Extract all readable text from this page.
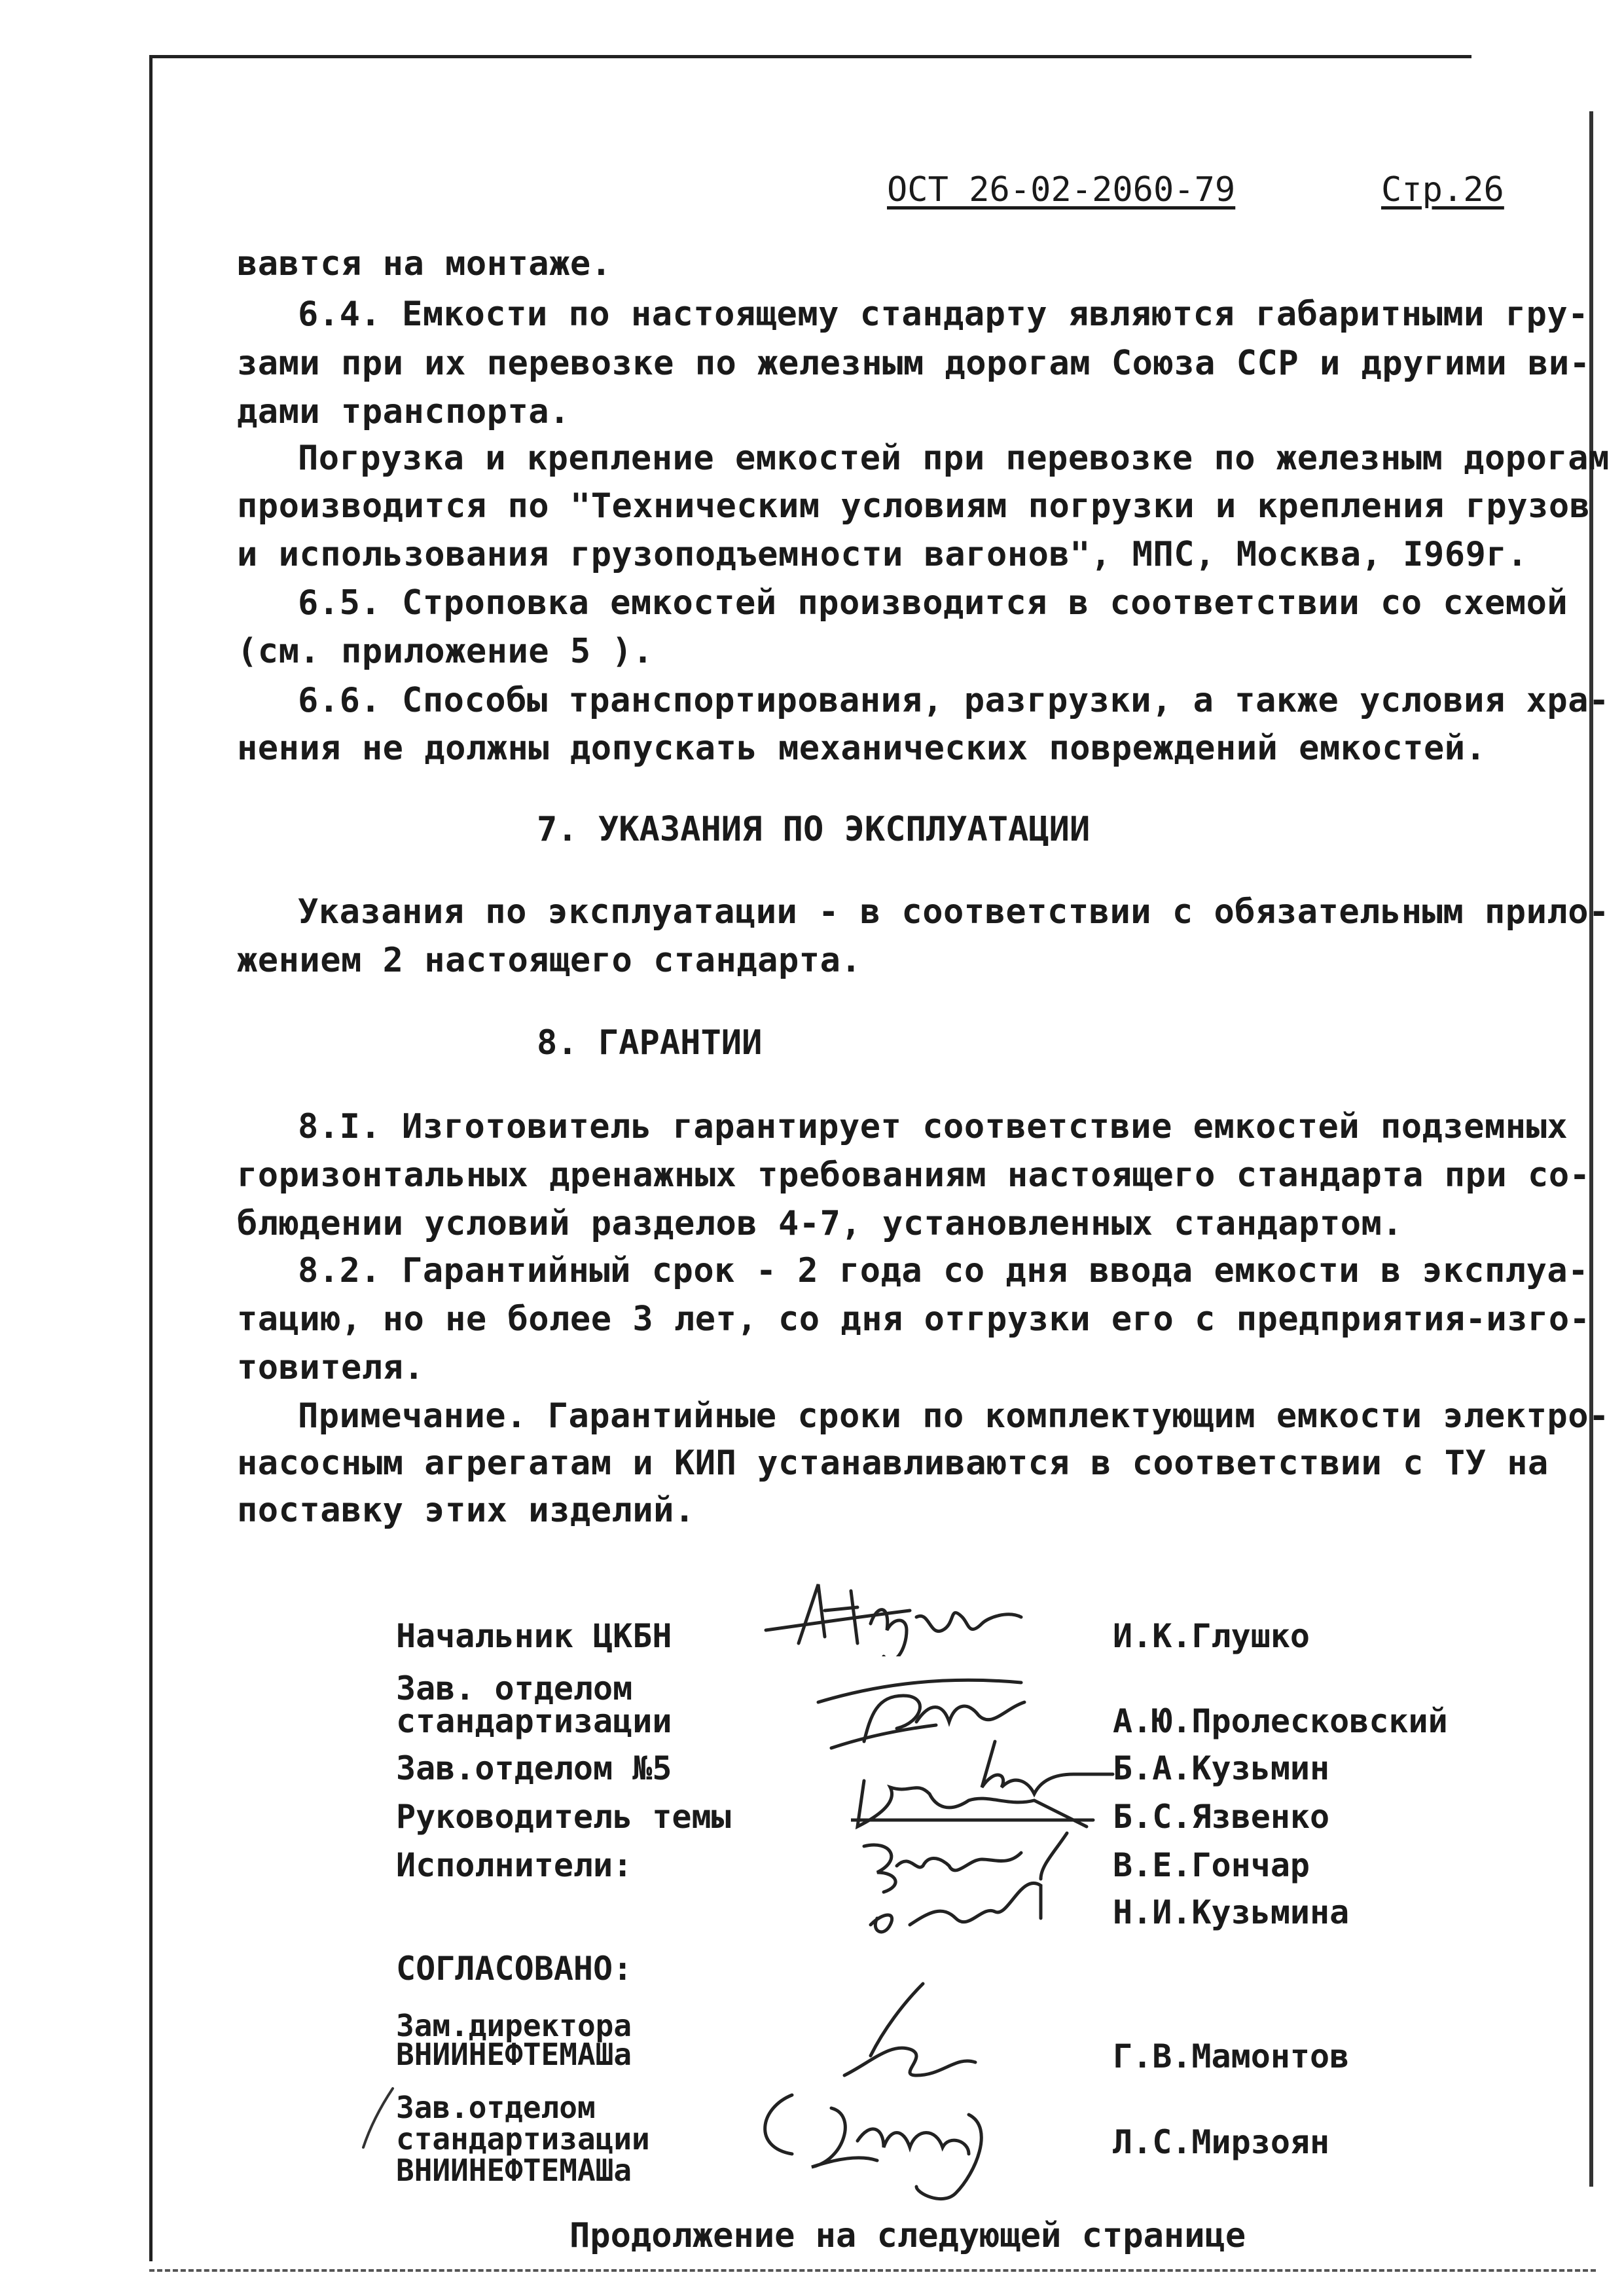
ОСТ 26-02-2060-79	Стр.26
вавтся на монтаже.
6.4. Емкости по настоящему стандарту являются габаритными гру-
зами при их перевозке по железным дорогам Союза ССР и другими ви-
дами транспорта.
Погрузка и крепление емкостей при перевозке по железным дорогам
производится по "Техническим условиям погрузки и крепления грузов
и использования грузоподъемности вагонов", МПС, Москва, I969г.
6.5. Строповка емкостей производится в соответствии со схемой
(см. приложение 5 ).
6.6. Способы транспортирования, разгрузки, а также условия хра-
нения не должны допускать механических повреждений емкостей.
7. УКАЗАНИЯ ПО ЭКСПЛУАТАЦИИ
Указания по эксплуатации - в соответствии с обязательным прило-
жением 2 настоящего стандарта.
8. ГАРАНТИИ
8.I. Изготовитель гарантирует соответствие емкостей подземных
горизонтальных дренажных требованиям настоящего стандарта при со-
блюдении условий разделов 4-7, установленных стандартом.
8.2. Гарантийный срок - 2 года со дня ввода емкости в эксплуа-
тацию, но не более 3 лет, со дня отгрузки его с предприятия-изго-
товителя.
Примечание. Гарантийные сроки по комплектующим емкости электро-
насосным агрегатам и КИП устанавливаются в соответствии с ТУ на
поставку этих изделий.
Начальник ЦКБН	И.К.Глушко
Зав. отделом
стандартизации	А.Ю.Пролесковский
Зав.отделом №5	Б.А.Кузьмин
Руководитель темы	Б.С.Язвенко
Исполнители:	В.Е.Гончар
Н.И.Кузьмина
СОГЛАСОВАНО:
Зам.директора
ВНИИНЕФТЕМАШа	Г.В.Мамонтов
Зав.отделом
стандартизации
ВНИИНЕФТЕМАШа
Л.С.Мирзоян
Продолжение на следующей странице
